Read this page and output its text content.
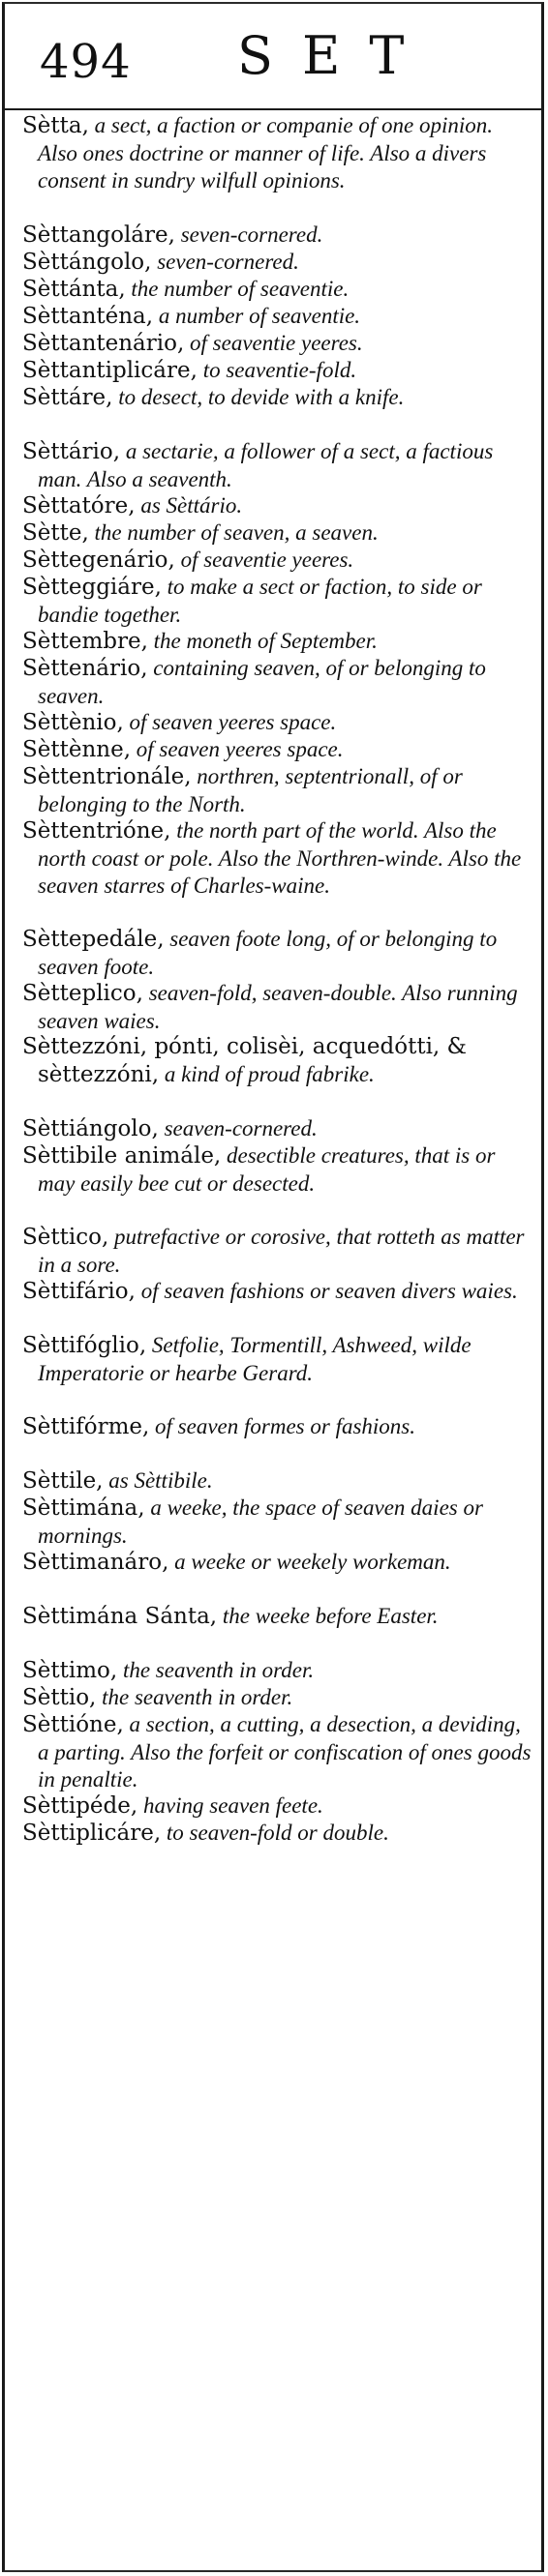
494 SET
Sètta, a sect, a faction or companie of one opinion. Also ones doctrine or manner of life. Also a divers consent in sundry wilfull opinions.
Sèttangoláre, seven-cornered.
Sèttángolo, seven-cornered.
Sèttánta, the number of seaventie.
Sèttanténa, a number of seaventie.
Sèttantenário, of seaventie yeeres.
Sèttantiplicáre, to seaventie-fold.
Sèttáre, to desect, to devide with a knife.
Sèttário, a sectarie, a follower of a sect, a factious man. Also a seaventh.
Sèttatóre, as Sèttário.
Sètte, the number of seaven, a seaven.
Sèttegenário, of seaventie yeeres.
Sètteggiáre, to make a sect or faction, to side or bandie together.
Sèttembre, the moneth of September.
Sèttenário, containing seaven, of or belonging to seaven.
Sèttènio, of seaven yeeres space.
Sèttènne, of seaven yeeres space.
Sèttentrionále, northren, septentrionall, of or belonging to the North.
Sèttentrióne, the north part of the world. Also the north coast or pole. Also the Northren-winde. Also the seaven starres of Charles-waine.
Sèttepedále, seaven foote long, of or belonging to seaven foote.
Sètteplico, seaven-fold, seaven-double. Also running seaven waies.
Sèttezzóni, pónti, colisèi, acquedótti, & sèttezzóni, a kind of proud fabrike.
Sèttiángolo, seaven-cornered.
Sèttibile animále, desectible creatures, that is or may easily bee cut or desected.
Sèttico, putrefactive or corosive, that rotteth as matter in a sore.
Sèttifário, of seaven fashions or seaven divers waies.
Sèttifóglio, Setfolie, Tormentill, Ashweed, wilde Imperatorie or hearbe Gerard.
Sèttifórme, of seaven formes or fashions.
Sèttile, as Sèttibile.
Sèttimána, a weeke, the space of seaven daies or mornings.
Sèttimanáro, a weeke or weekely workeman.
Sèttimána Sánta, the weeke before Easter.
Sèttimo, the seaventh in order.
Sèttio, the seaventh in order.
Sèttióne, a section, a cutting, a desection, a deviding, a parting. Also the forfeit or confiscation of ones goods in penaltie.
Sèttipéde, having seaven feete.
Sèttiplicáre, to seaven-fold or double.
